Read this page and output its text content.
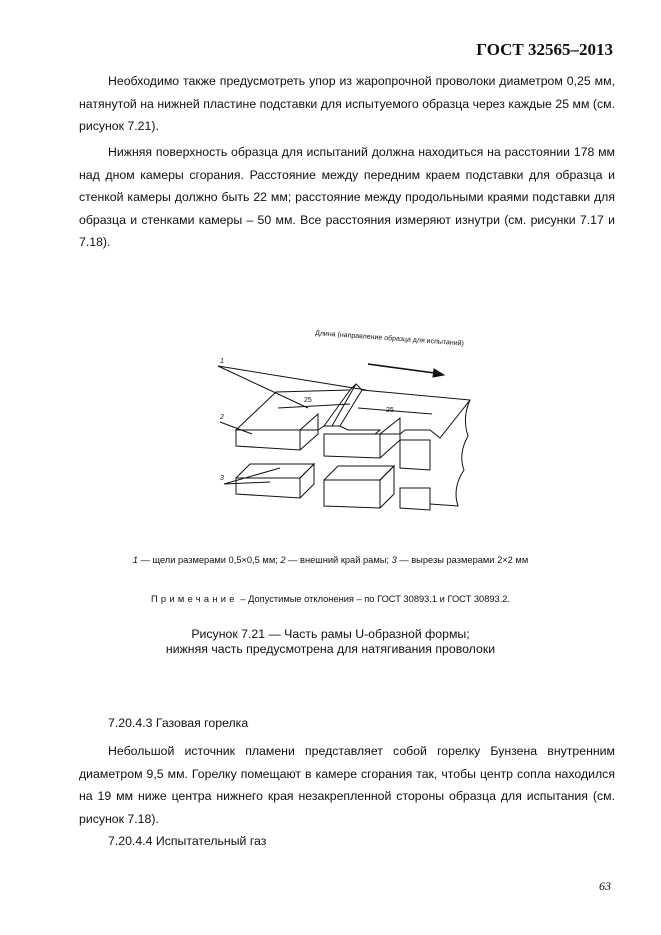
ГОСТ 32565–2013

Необходимо также предусмотреть упор из жаропрочной проволоки диаметром 0,25 мм, натянутой на нижней пластине подставки для испытуемого образца через каждые 25 мм (см. рисунок 7.21).

Нижняя поверхность образца для испытаний должна находиться на расстоянии 178 мм над дном камеры сгорания. Расстояние между передним краем подставки для образца и стенкой камеры должно быть 22 мм; расстояние между продольными краями подставки для образца и стенками камеры – 50 мм. Все расстояния измеряют изнутри (см. рисунки 7.17 и 7.18).

Длина (направление образца для испытаний)
25
25
1
2
3
1 — щели размерами 0,5×0,5 мм; 2 — внешний край рамы; 3 — вырезы размерами 2×2 мм
Примечание – Допустимые отклонения – по ГОСТ 30893.1 и ГОСТ 30893.2.
Рисунок 7.21 — Часть рамы U-образной формы;
нижняя часть предусмотрена для натягивания проволоки

7.20.4.3 Газовая горелка

Небольшой источник пламени представляет собой горелку Бунзена внутренним диаметром 9,5 мм. Горелку помещают в камере сгорания так, чтобы центр сопла находился на 19 мм ниже центра нижнего края незакрепленной стороны образца для испытания (см. рисунок 7.18).

7.20.4.4 Испытательный газ

63
